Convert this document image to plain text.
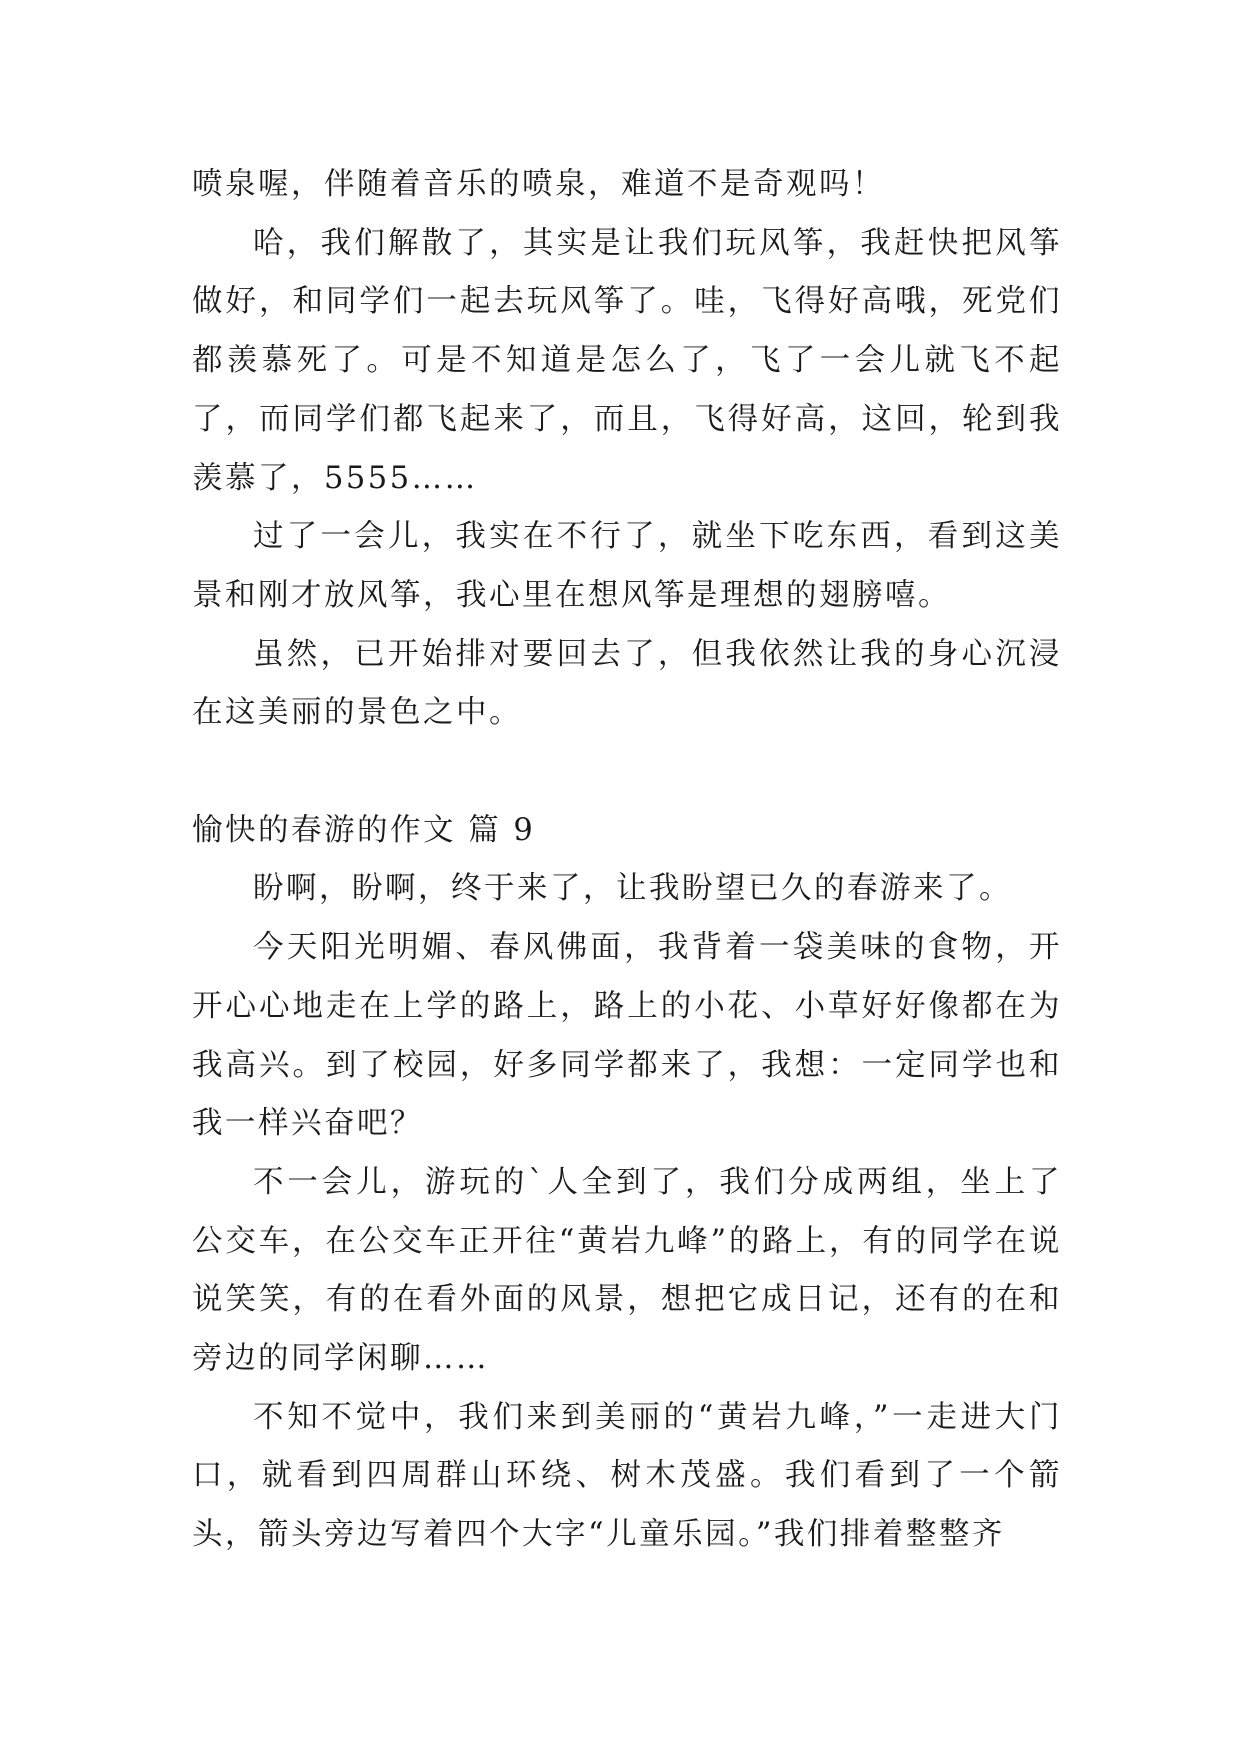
喷泉喔，伴随着音乐的喷泉，难道不是奇观吗！

哈，我们解散了，其实是让我们玩风筝，我赶快把风筝做好，和同学们一起去玩风筝了。哇，飞得好高哦，死党们都羡慕死了。可是不知道是怎么了，飞了一会儿就飞不起了，而同学们都飞起来了，而且，飞得好高，这回，轮到我羡慕了，5555……

过了一会儿，我实在不行了，就坐下吃东西，看到这美景和刚才放风筝，我心里在想风筝是理想的翅膀嘻。

虽然，已开始排对要回去了，但我依然让我的身心沉浸在这美丽的景色之中。

愉快的春游的作文 篇 9

盼啊，盼啊，终于来了，让我盼望已久的春游来了。

今天阳光明媚、春风佛面，我背着一袋美味的食物，开开心心地走在上学的路上，路上的小花、小草好好像都在为我高兴。到了校园，好多同学都来了，我想：一定同学也和我一样兴奋吧？

不一会儿，游玩的`人全到了，我们分成两组，坐上了公交车，在公交车正开往“黄岩九峰”的路上，有的同学在说说笑笑，有的在看外面的风景，想把它成日记，还有的在和旁边的同学闲聊……

不知不觉中，我们来到美丽的“黄岩九峰，”一走进大门口，就看到四周群山环绕、树木茂盛。我们看到了一个箭头，箭头旁边写着四个大字“儿童乐园。”我们排着整整齐
